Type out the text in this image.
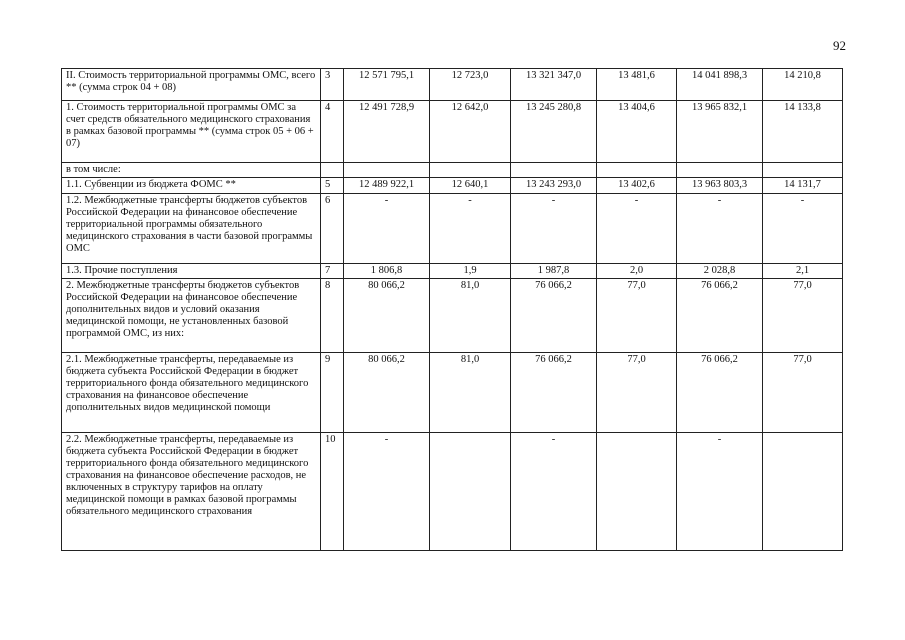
92
II. Стоимость территориальной программы ОМС, всего ** (сумма строк 04 + 08)	3	12 571 795,1	12 723,0	13 321 347,0	13 481,6	14 041 898,3	14 210,8
1. Стоимость территориальной программы ОМС за счет средств обязательного медицинского страхования в рамках базовой программы ** (сумма строк 05 + 06 + 07)	4	12 491 728,9	12 642,0	13 245 280,8	13 404,6	13 965 832,1	14 133,8
в том числе:							
1.1. Субвенции из бюджета ФОМС **	5	12 489 922,1	12 640,1	13 243 293,0	13 402,6	13 963 803,3	14 131,7
1.2. Межбюджетные трансферты бюджетов субъектов Российской Федерации на финансовое обеспечение территориальной программы обязательного медицинского страхования в части базовой программы ОМС	6	-	-	-	-	-	-
1.3. Прочие поступления	7	1 806,8	1,9	1 987,8	2,0	2 028,8	2,1
2. Межбюджетные трансферты бюджетов субъектов Российской Федерации на финансовое обеспечение дополнительных видов и условий оказания медицинской помощи, не установленных базовой программой ОМС, из них:	8	80 066,2	81,0	76 066,2	77,0	76 066,2	77,0
2.1. Межбюджетные трансферты, передаваемые из бюджета субъекта Российской Федерации в бюджет территориального фонда обязательного медицинского страхования на финансовое обеспечение дополнительных видов медицинской помощи	9	80 066,2	81,0	76 066,2	77,0	76 066,2	77,0
2.2. Межбюджетные трансферты, передаваемые из бюджета субъекта Российской Федерации в бюджет территориального фонда обязательного медицинского страхования на финансовое обеспечение расходов, не включенных в структуру тарифов на оплату медицинской помощи в рамках базовой программы обязательного медицинского страхования	10	-		-		-	
